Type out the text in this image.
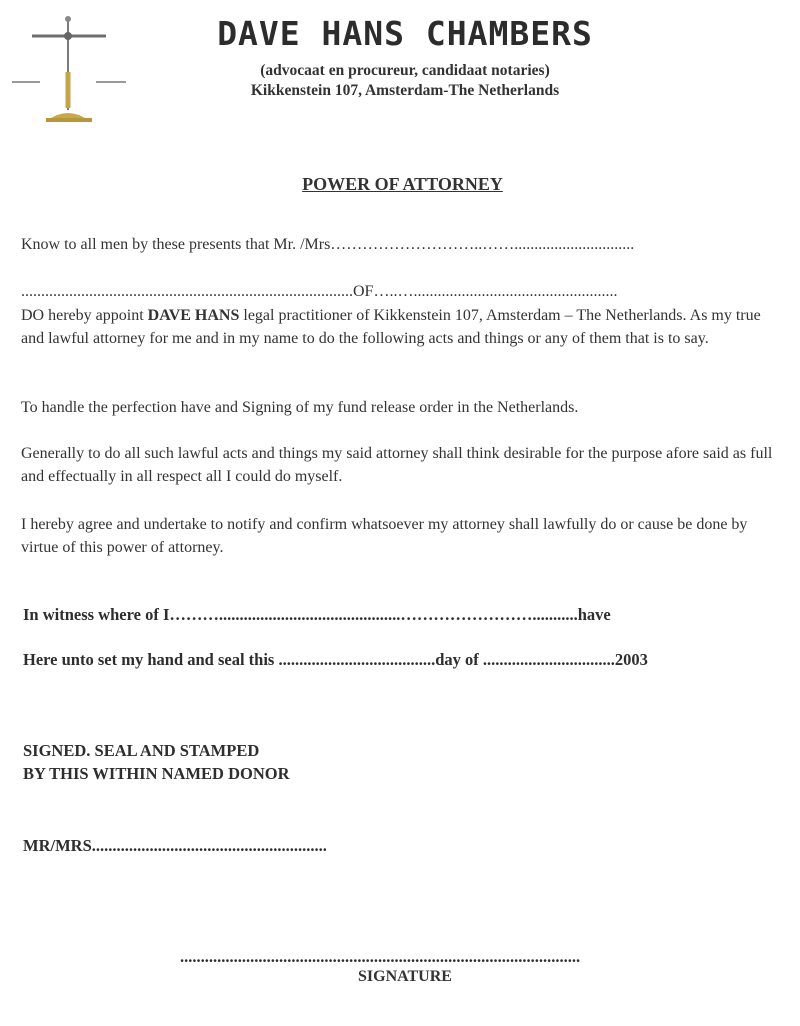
DAVE HANS CHAMBERS
(advocaat en procureur, candidaat notaries)
Kikkenstein 107, Amsterdam-The Netherlands
POWER OF ATTORNEY
Know to all men by these presents that Mr. /Mrs………………………..……..............................
...................................................................................OF…..…...................................................
DO hereby appoint DAVE HANS legal practitioner of Kikkenstein 107, Amsterdam – The Netherlands. As my true and lawful attorney for me and in my name to do the following acts and things or any of them that is to say.
To handle the perfection have and Signing of my fund release order in the Netherlands.
Generally to do all such lawful acts and things my said attorney shall think desirable for the purpose afore said as full and effectually in all respect all I could do myself.
I hereby agree and undertake to notify and confirm whatsoever my attorney shall lawfully do or cause be done by virtue of this power of attorney.
In witness where of I………............................................……………………...........have
Here unto set my hand and seal this ......................................day of ................................2003
SIGNED. SEAL AND STAMPED
BY THIS WITHIN NAMED DONOR
MR/MRS.........................................................
.................................................................................................
SIGNATURE
